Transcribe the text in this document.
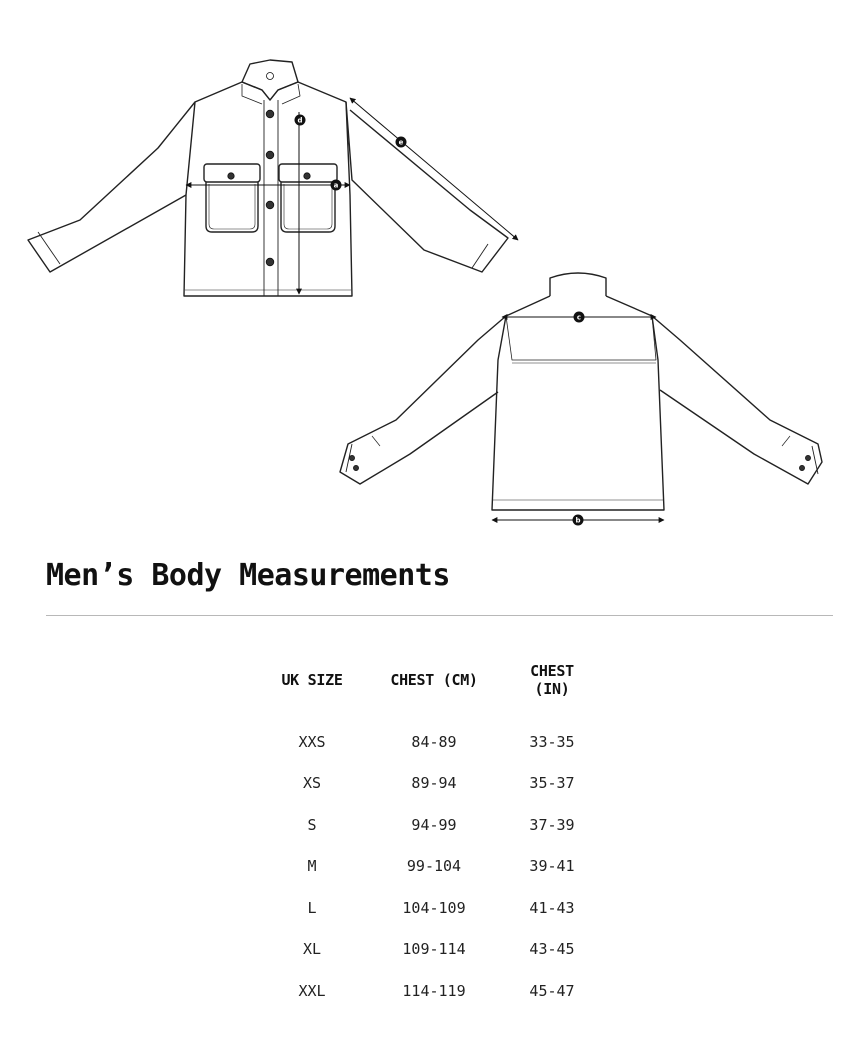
a
d
e
c
b
Men’s Body Measurements
UK SIZE	CHEST (CM)	CHEST (IN)

XXS	84-89	33-35
XS	89-94	35-37
S	94-99	37-39
M	99-104	39-41
L	104-109	41-43
XL	109-114	43-45
XXL	114-119	45-47
